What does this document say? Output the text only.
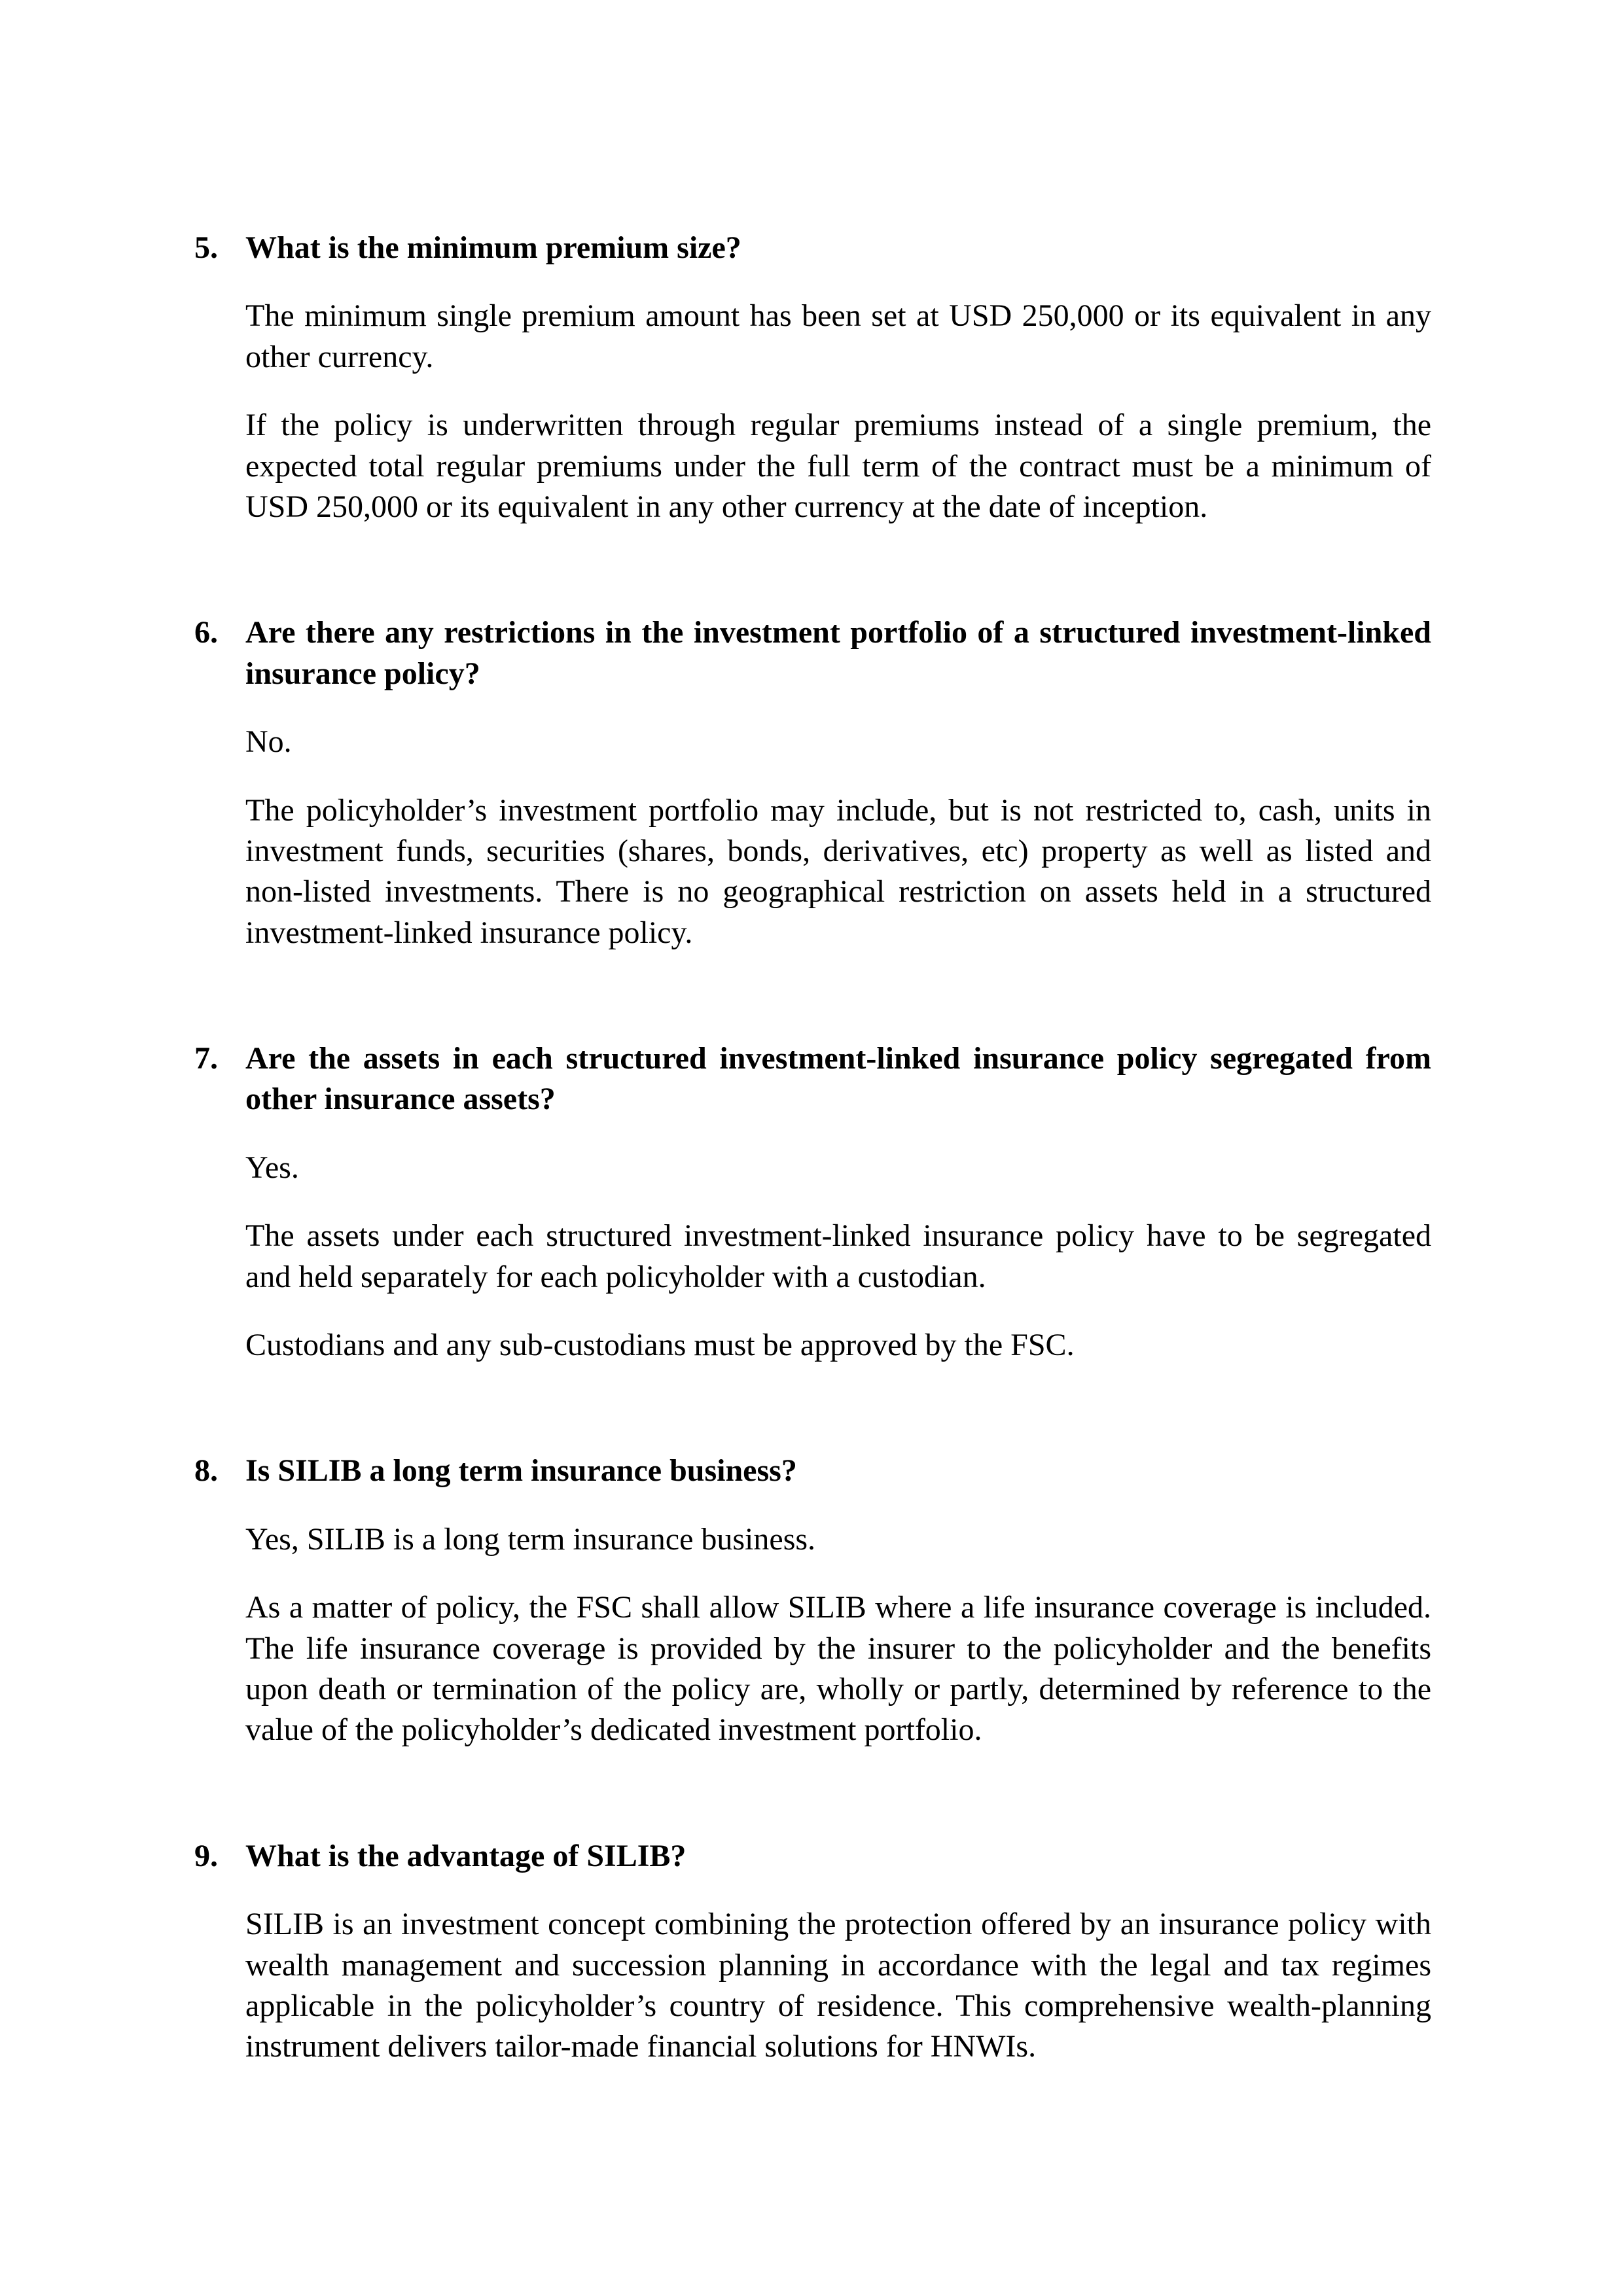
5. What is the minimum premium size?

The minimum single premium amount has been set at USD 250,000 or its equivalent in any other currency.

If the policy is underwritten through regular premiums instead of a single premium, the expected total regular premiums under the full term of the contract must be a minimum of USD 250,000 or its equivalent in any other currency at the date of inception.

6. Are there any restrictions in the investment portfolio of a structured investment-linked insurance policy?

No.

The policyholder’s investment portfolio may include, but is not restricted to, cash, units in investment funds, securities (shares, bonds, derivatives, etc) property as well as listed and non-listed investments. There is no geographical restriction on assets held in a structured investment-linked insurance policy.

7. Are the assets in each structured investment-linked insurance policy segregated from other insurance assets?

Yes.

The assets under each structured investment-linked insurance policy have to be segregated and held separately for each policyholder with a custodian.

Custodians and any sub-custodians must be approved by the FSC.

8. Is SILIB a long term insurance business?

Yes, SILIB is a long term insurance business.

As a matter of policy, the FSC shall allow SILIB where a life insurance coverage is included. The life insurance coverage is provided by the insurer to the policyholder and the benefits upon death or termination of the policy are, wholly or partly, determined by reference to the value of the policyholder’s dedicated investment portfolio.

9. What is the advantage of SILIB?

SILIB is an investment concept combining the protection offered by an insurance policy with wealth management and succession planning in accordance with the legal and tax regimes applicable in the policyholder’s country of residence. This comprehensive wealth-planning instrument delivers tailor-made financial solutions for HNWIs.
